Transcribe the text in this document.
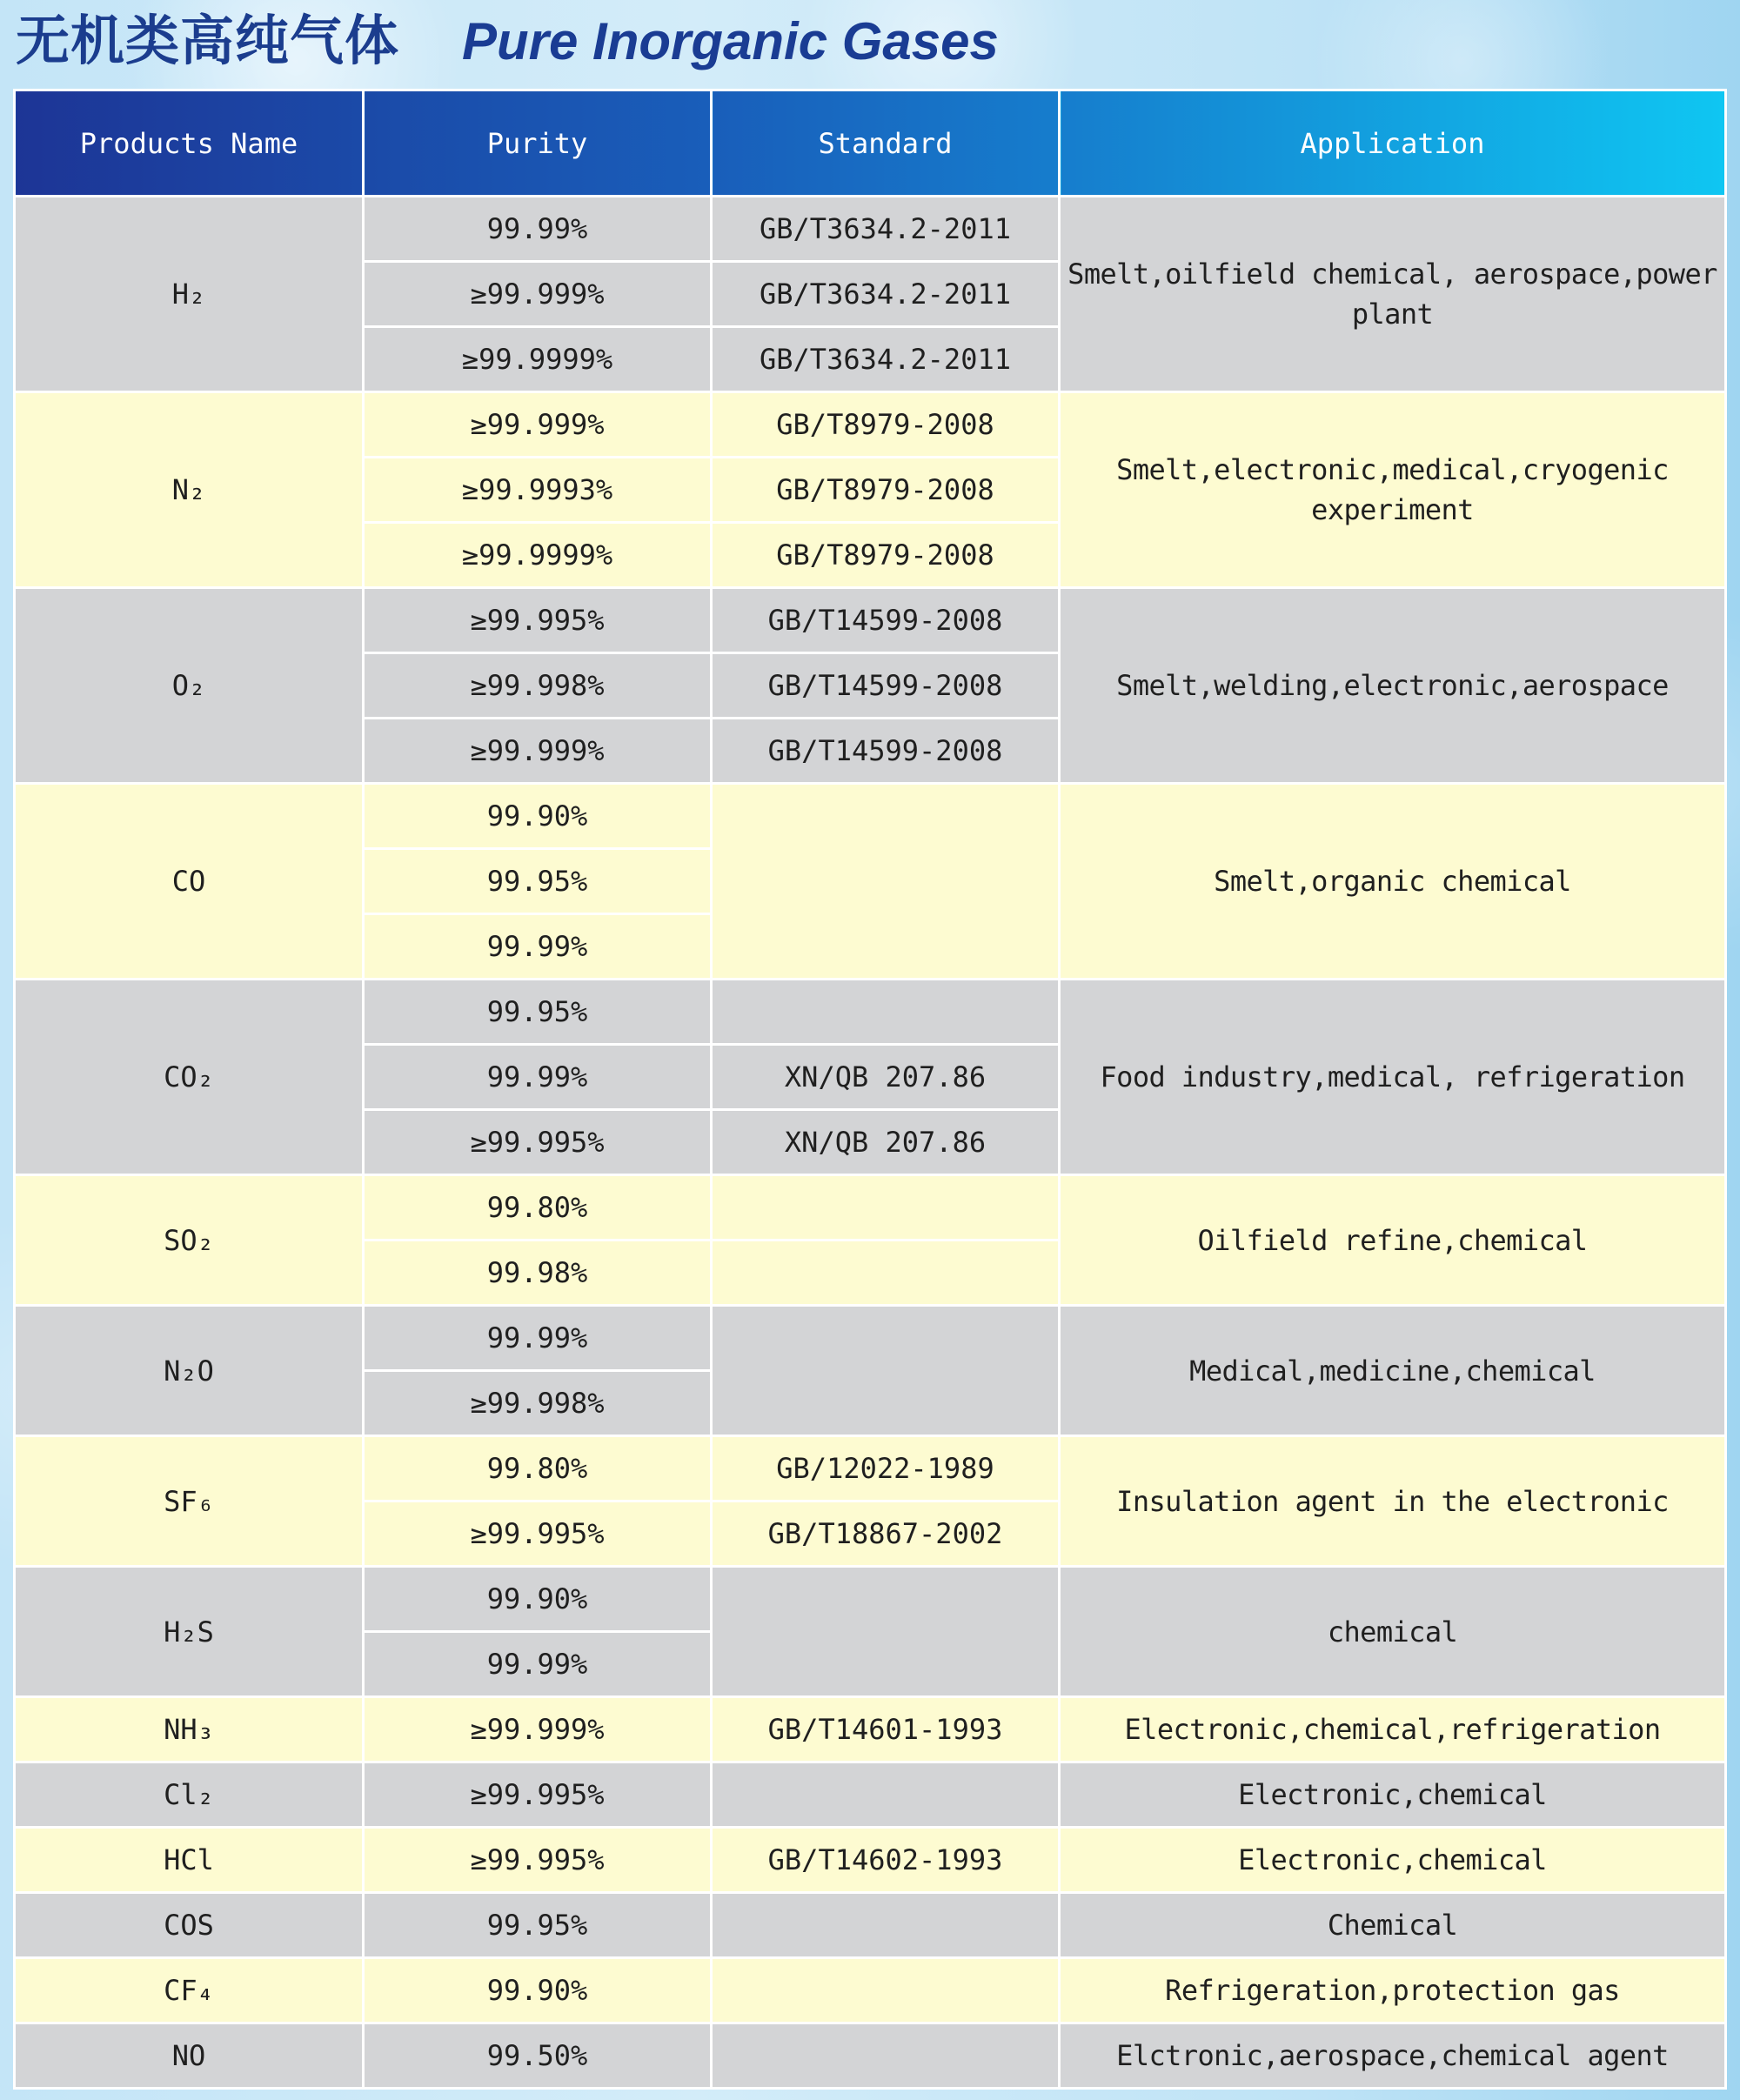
无机类高纯气体 Pure Inorganic Gases
Products Name	Purity	Standard	Application
H₂	99.99%	GB/T3634.2-2011	Smelt,oilfield chemical, aerospace,power plant
	≥99.999%	GB/T3634.2-2011	
	≥99.9999%	GB/T3634.2-2011	
N₂	≥99.999%	GB/T8979-2008	Smelt,electronic,medical,cryogenic experiment
	≥99.9993%	GB/T8979-2008	
	≥99.9999%	GB/T8979-2008	
O₂	≥99.995%	GB/T14599-2008	Smelt,welding,electronic,aerospace
	≥99.998%	GB/T14599-2008	
	≥99.999%	GB/T14599-2008	
CO	99.90%		Smelt,organic chemical
	99.95%		
	99.99%		
CO₂	99.95%		Food industry,medical, refrigeration
	99.99%	XN/QB 207.86	
	≥99.995%	XN/QB 207.86	
SO₂	99.80%		Oilfield refine,chemical
	99.98%		
N₂O	99.99%		Medical,medicine,chemical
	≥99.998%		
SF₆	99.80%	GB/12022-1989	Insulation agent in the electronic
	≥99.995%	GB/T18867-2002	
H₂S	99.90%		chemical
	99.99%		
NH₃	≥99.999%	GB/T14601-1993	Electronic,chemical,refrigeration
Cl₂	≥99.995%		Electronic,chemical
HCl	≥99.995%	GB/T14602-1993	Electronic,chemical
COS	99.95%		Chemical
CF₄	99.90%		Refrigeration,protection gas
NO	99.50%		Elctronic,aerospace,chemical agent
